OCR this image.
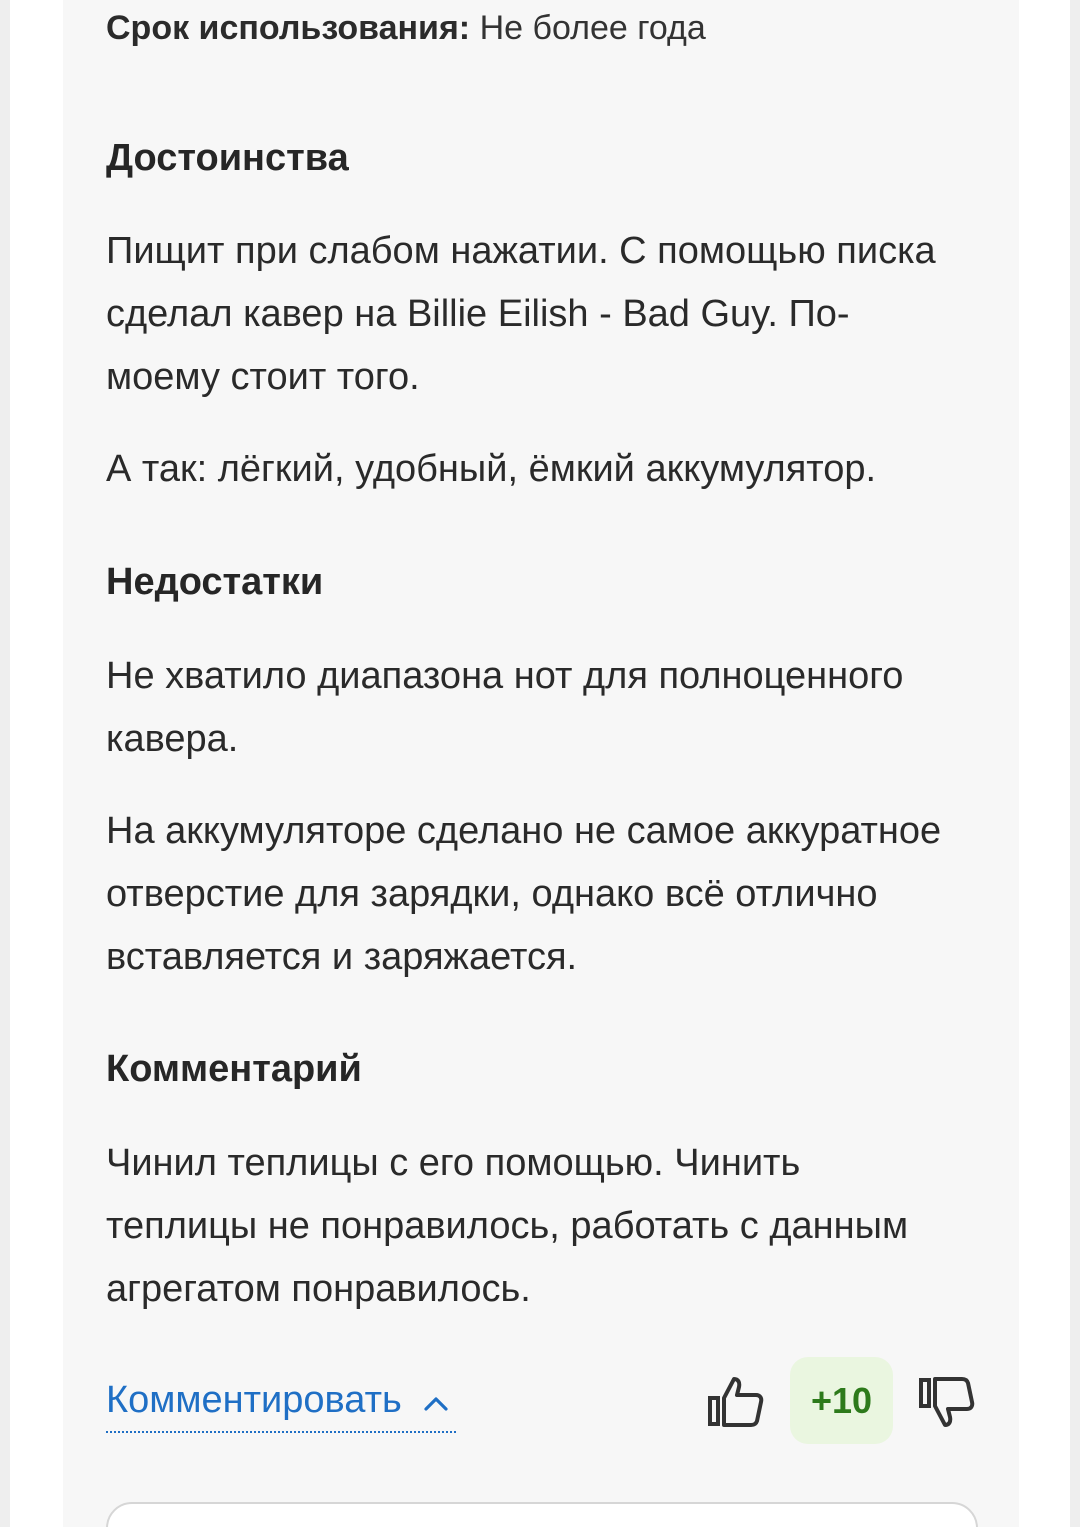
Срок использования: Не более года
Достоинства
Пищит при слабом нажатии. С помощью писка
сделал кавер на Billie Eilish - Bad Guy. По-
моему стоит того.
А так: лёгкий, удобный, ёмкий аккумулятор.
Недостатки
Не хватило диапазона нот для полноценного
кавера.
На аккумуляторе сделано не самое аккуратное
отверстие для зарядки, однако всё отлично
вставляется и заряжается.
Комментарий
Чинил теплицы с его помощью. Чинить
теплицы не понравилось, работать с данным
агрегатом понравилось.
Комментировать	+10
